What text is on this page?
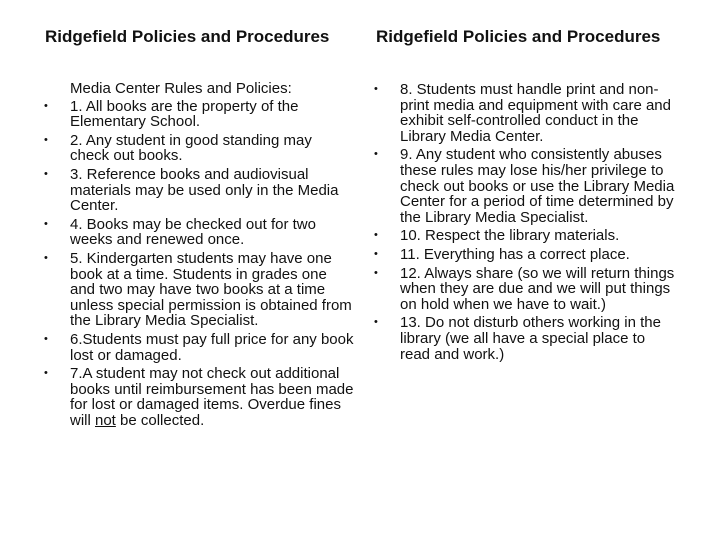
Ridgefield Policies and Procedures
Media Center Rules and Policies:
• 1. All books are the property of the Elementary School.
• 2. Any student in good standing may check out books.
• 3. Reference books and audiovisual materials may be used only in the Media Center.
• 4. Books may be checked out for two weeks and renewed once.
• 5. Kindergarten students may have one book at a time. Students in grades one and two may have two books at a time unless special permission is obtained from the Library Media Specialist.
• 6.Students must pay full price for any book lost or damaged.
• 7.A student may not check out additional books until reimbursement has been made for lost or damaged items. Overdue fines will not be collected.
Ridgefield Policies and Procedures
• 8. Students must handle print and non-print media and equipment with care and exhibit self-controlled conduct in the Library Media Center.
• 9. Any student who consistently abuses these rules may lose his/her privilege to check out books or use the Library Media Center for a period of time determined by the Library Media Specialist.
• 10. Respect the library materials.
• 11. Everything has a correct place.
• 12. Always share (so we will return things when they are due and we will put things on hold when we have to wait.)
• 13. Do not disturb others working in the library (we all have a special place to read and work.)
